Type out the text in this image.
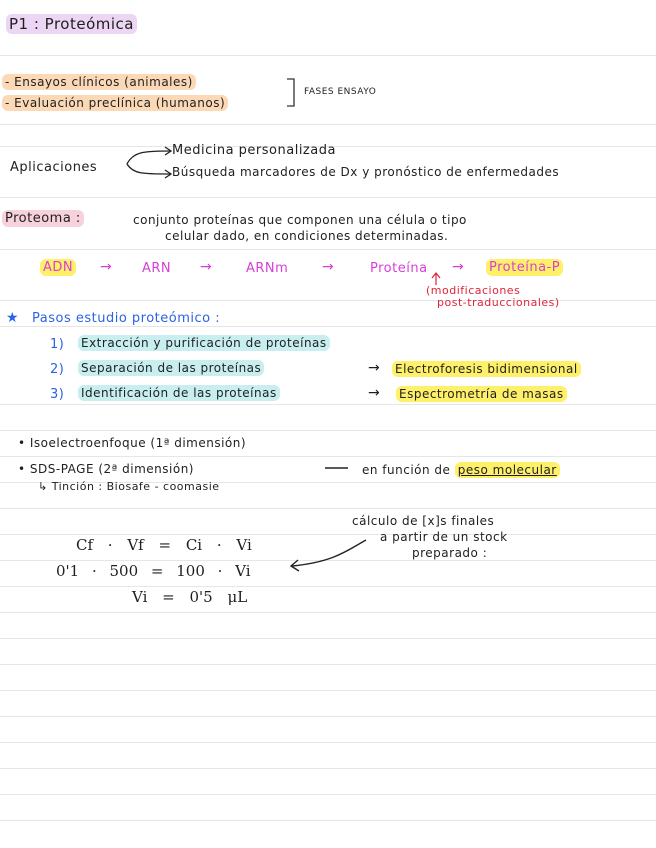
P1 : Proteómica
- Ensayos clínicos (animales)
- Evaluación preclínica (humanos)
FASES ENSAYO
Aplicaciones
Medicina personalizada
Búsqueda marcadores de Dx y pronóstico de enfermedades
Proteoma :	conjunto proteínas que componen una célula o tipo
celular dado, en condiciones determinadas.
ADN → ARN →	ARNm →	Proteína → Proteína-P
(modificaciones
post-traduccionales)
★ Pasos estudio proteómico :
1) Extracción y purificación de proteínas
2) Separación de las proteínas	→ Electroforesis bidimensional
3) Identificación de las proteínas	→ Espectrometría de masas
• Isoelectroenfoque (1ª dimensión)
• SDS-PAGE (2ª dimensión)	en función de peso molecular
↳ Tinción : Biosafe - coomasie
cálculo de [x]s finales
a partir de un stock
preparado :
Cf · Vf = Ci · Vi
0'1 · 500 = 100 · Vi
Vi = 0'5 μL
